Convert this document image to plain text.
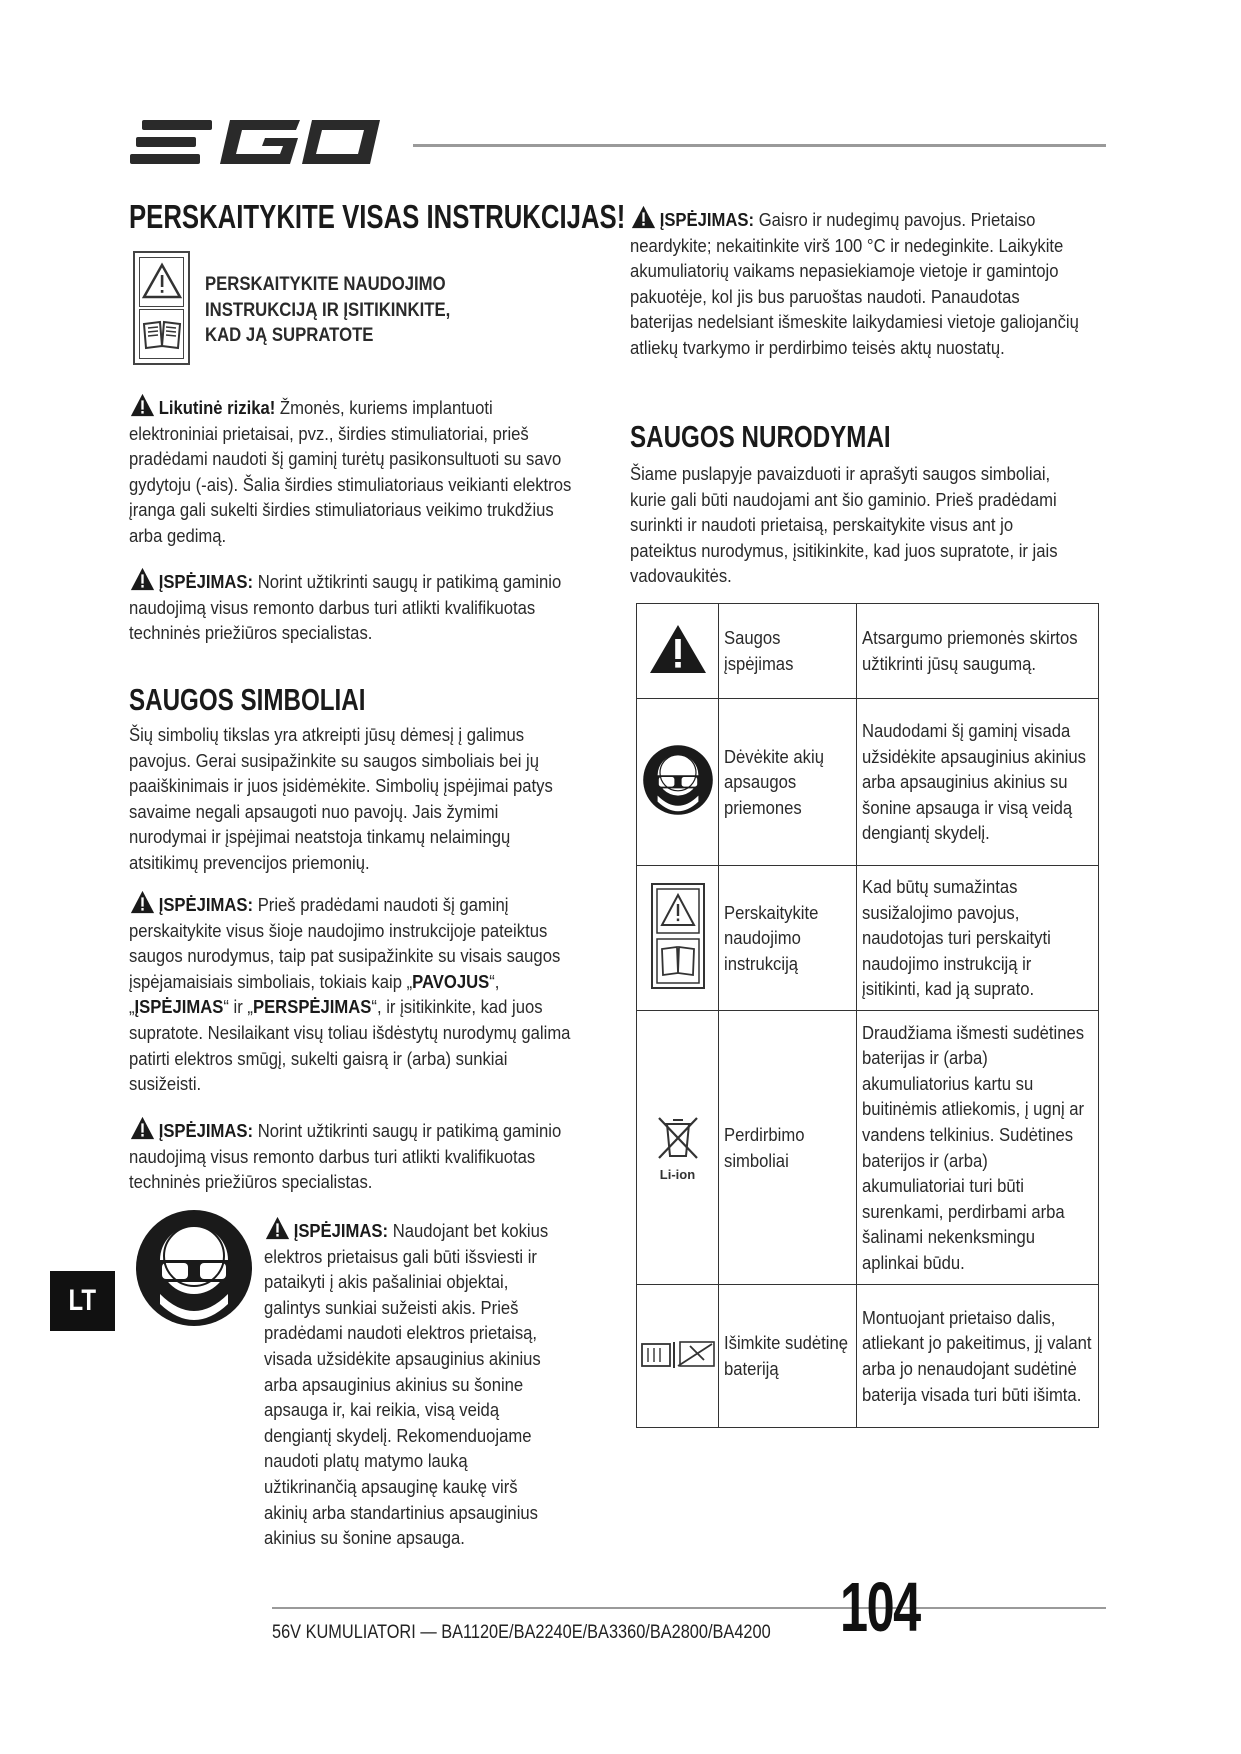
PERSKAITYKITE VISAS INSTRUKCIJAS!
PERSKAITYKITE NAUDOJIMO
INSTRUKCIJĄ IR ĮSITIKINKITE,
KAD JĄ SUPRATOTE
Likutinė rizika! Žmonės, kuriems implantuoti elektroniniai prietaisai, pvz., širdies stimuliatoriai, prieš pradėdami naudoti šį gaminį turėtų pasikonsultuoti su savo gydytoju (-ais). Šalia širdies stimuliatoriaus veikianti elektros įranga gali sukelti širdies stimuliatoriaus veikimo trukdžius arba gedimą.
ĮSPĖJIMAS: Norint užtikrinti saugų ir patikimą gaminio naudojimą visus remonto darbus turi atlikti kvalifikuotas techninės priežiūros specialistas.
SAUGOS SIMBOLIAI
Šių simbolių tikslas yra atkreipti jūsų dėmesį į galimus pavojus. Gerai susipažinkite su saugos simboliais bei jų paaiškinimais ir juos įsidėmėkite. Simbolių įspėjimai patys savaime negali apsaugoti nuo pavojų. Jais žymimi nurodymai ir įspėjimai neatstoja tinkamų nelaimingų atsitikimų prevencijos priemonių.
ĮSPĖJIMAS: Prieš pradėdami naudoti šį gaminį perskaitykite visus šioje naudojimo instrukcijoje pateiktus saugos nurodymus, taip pat susipažinkite su visais saugos įspėjamaisiais simboliais, tokiais kaip „PAVOJUS“, „ĮSPĖJIMAS“ ir „PERSPĖJIMAS“, ir įsitikinkite, kad juos supratote. Nesilaikant visų toliau išdėstytų nurodymų galima patirti elektros smūgį, sukelti gaisrą ir (arba) sunkiai susižeisti.
ĮSPĖJIMAS: Norint užtikrinti saugų ir patikimą gaminio naudojimą visus remonto darbus turi atlikti kvalifikuotas techninės priežiūros specialistas.
ĮSPĖJIMAS: Naudojant bet kokius elektros prietaisus gali būti išsviesti ir pataikyti į akis pašaliniai objektai, galintys sunkiai sužeisti akis. Prieš pradėdami naudoti elektros prietaisą, visada užsidėkite apsauginius akinius arba apsauginius akinius su šonine apsauga ir, kai reikia, visą veidą dengiantį skydelį. Rekomenduojame naudoti platų matymo lauką užtikrinančią apsauginę kaukę virš akinių arba standartinius apsauginius akinius su šonine apsauga.
ĮSPĖJIMAS: Gaisro ir nudegimų pavojus. Prietaiso neardykite; nekaitinkite virš 100 °C ir nedeginkite. Laikykite akumuliatorių vaikams nepasiekiamoje vietoje ir gamintojo pakuotėje, kol jis bus paruoštas naudoti. Panaudotas baterijas nedelsiant išmeskite laikydamiesi vietoje galiojančių atliekų tvarkymo ir perdirbimo teisės aktų nuostatų.
SAUGOS NURODYMAI
Šiame puslapyje pavaizduoti ir aprašyti saugos simboliai, kurie gali būti naudojami ant šio gaminio. Prieš pradėdami surinkti ir naudoti prietaisą, perskaitykite visus ant jo pateiktus nurodymus, įsitikinkite, kad juos supratote, ir jais vadovaukitės.

Saugos įspėjimas	Atsargumo priemonės skirtos užtikrinti jūsų saugumą.

Dėvėkite akių apsaugos priemones	Naudodami šį gaminį visada užsidėkite apsauginius akinius arba apsauginius akinius su šonine apsauga ir visą veidą dengiantį skydelį.

Perskaitykite naudojimo instrukciją	Kad būtų sumažintas susižalojimo pavojus, naudotojas turi perskaityti naudojimo instrukciją ir įsitikinti, kad ją suprato.

Li-ion	Perdirbimo simboliai	Draudžiama išmesti sudėtines baterijas ir (arba) akumuliatorius kartu su buitinėmis atliekomis, į ugnį ar vandens telkinius. Sudėtines baterijos ir (arba) akumuliatoriai turi būti surenkami, perdirbami arba šalinami nekenksmingu aplinkai būdu.

Išimkite sudėtinę bateriją	Montuojant prietaiso dalis, atliekant jo pakeitimus, jį valant arba jo nenaudojant sudėtinė baterija visada turi būti išimta.
LT
56V KUMULIATORI — BA1120E/BA2240E/BA3360/BA2800/BA4200 104
